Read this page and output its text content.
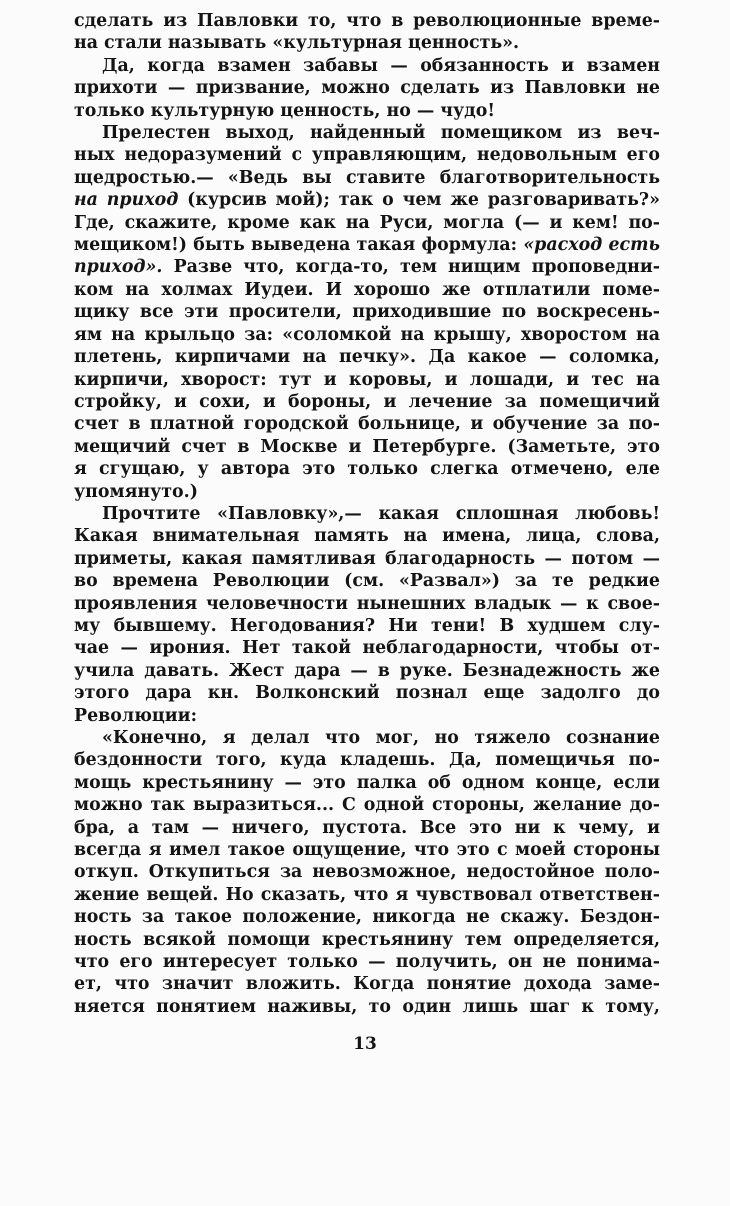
сделать из Павловки то, что в революционные време-
на стали называть «культурная ценность».
Да, когда взамен забавы — обязанность и взамен
прихоти — призвание, можно сделать из Павловки не
только культурную ценность, но — чудо!
Прелестен выход, найденный помещиком из веч-
ных недоразумений с управляющим, недовольным его
щедростью.— «Ведь вы ставите благотворительность
на приход (курсив мой); так о чем же разговаривать?»
Где, скажите, кроме как на Руси, могла (— и кем! по-
мещиком!) быть выведена такая формула: «расход есть
приход». Разве что, когда-то, тем нищим проповедни-
ком на холмах Иудеи. И хорошо же отплатили поме-
щику все эти просители, приходившие по воскресень-
ям на крыльцо за: «соломкой на крышу, хворостом на
плетень, кирпичами на печку». Да какое — соломка,
кирпичи, хворост: тут и коровы, и лошади, и тес на
стройку, и сохи, и бороны, и лечение за помещичий
счет в платной городской больнице, и обучение за по-
мещичий счет в Москве и Петербурге. (Заметьте, это
я сгущаю, у автора это только слегка отмечено, еле
упомянуто.)
Прочтите «Павловку»,— какая сплошная любовь!
Какая внимательная память на имена, лица, слова,
приметы, какая памятливая благодарность — потом —
во времена Революции (см. «Развал») за те редкие
проявления человечности нынешних владык — к свое-
му бывшему. Негодования? Ни тени! В худшем слу-
чае — ирония. Нет такой неблагодарности, чтобы от-
учила давать. Жест дара — в руке. Безнадежность же
этого дара кн. Волконский познал еще задолго до
Революции:
«Конечно, я делал что мог, но тяжело сознание
бездонности того, куда кладешь. Да, помещичья по-
мощь крестьянину — это палка об одном конце, если
можно так выразиться... С одной стороны, желание до-
бра, а там — ничего, пустота. Все это ни к чему, и
всегда я имел такое ощущение, что это с моей стороны
откуп. Откупиться за невозможное, недостойное поло-
жение вещей. Но сказать, что я чувствовал ответствен-
ность за такое положение, никогда не скажу. Бездон-
ность всякой помощи крестьянину тем определяется,
что его интересует только — получить, он не понима-
ет, что значит вложить. Когда понятие дохода заме-
няется понятием наживы, то один лишь шаг к тому,
13
